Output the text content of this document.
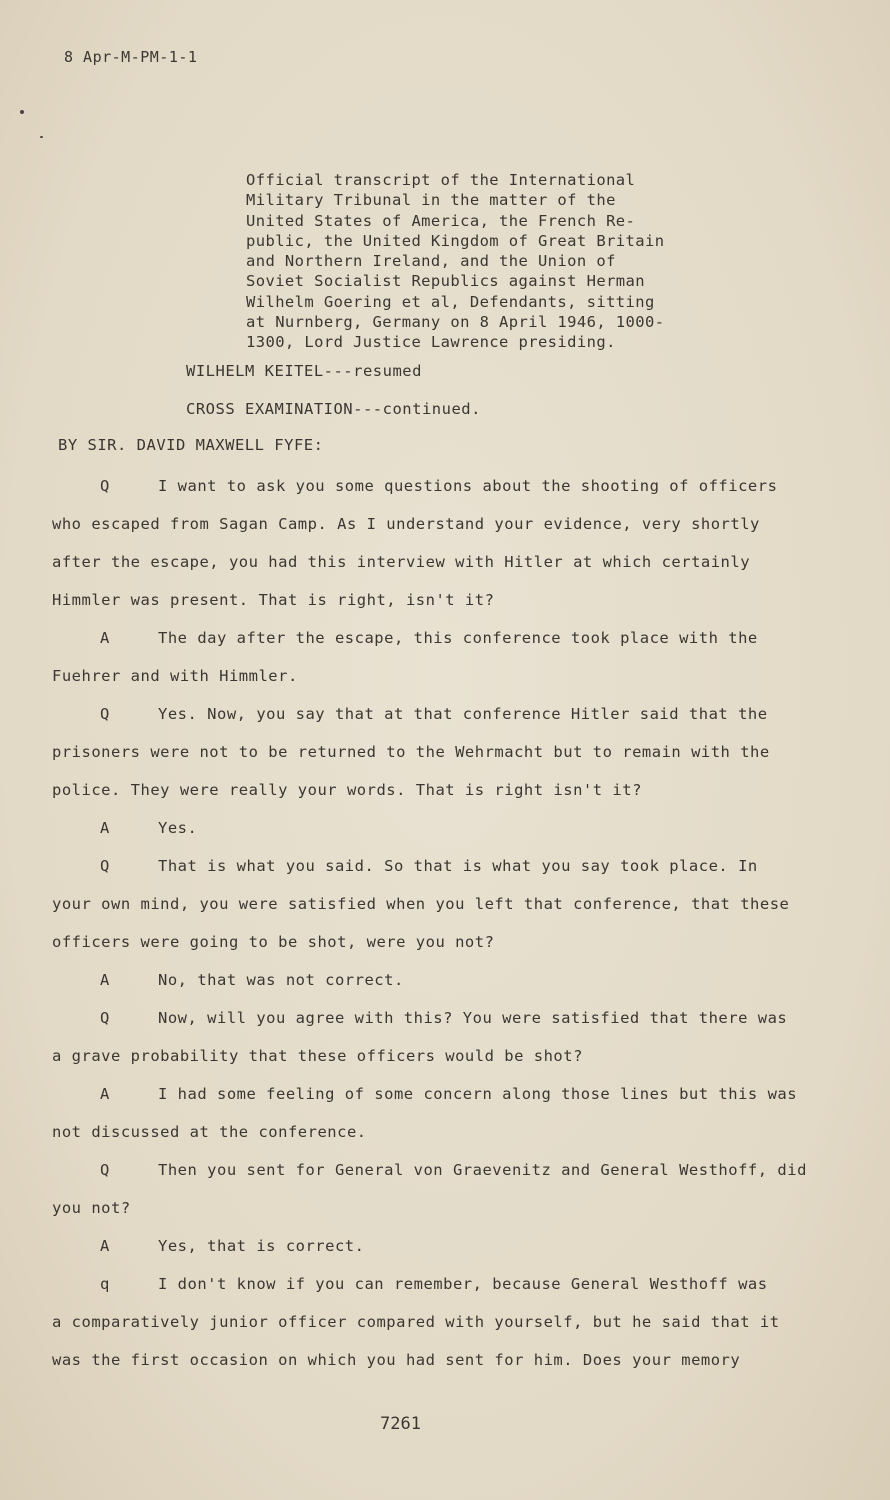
8 Apr-M-PM-1-1
Official transcript of the International
Military Tribunal in the matter of the
United States of America, the French Re-
public, the United Kingdom of Great Britain
and Northern Ireland, and the Union of
Soviet Socialist Republics against Herman
Wilhelm Goering et al, Defendants, sitting
at Nurnberg, Germany on 8 April 1946, 1000-
1300, Lord Justice Lawrence presiding.
WILHELM KEITEL---resumed
CROSS EXAMINATION---continued.
BY SIR. DAVID MAXWELL FYFE:
Q	I want to ask you some questions about the shooting of officers
who escaped from Sagan Camp. As I understand your evidence, very shortly
after the escape, you had this interview with Hitler at which certainly
Himmler was present. That is right, isn't it?
A	The day after the escape, this conference took place with the
Fuehrer and with Himmler.
Q	Yes. Now, you say that at that conference Hitler said that the
prisoners were not to be returned to the Wehrmacht but to remain with the
police. They were really your words. That is right isn't it?
A	Yes.
Q	That is what you said. So that is what you say took place. In
your own mind, you were satisfied when you left that conference, that these
officers were going to be shot, were you not?
A	No, that was not correct.
Q	Now, will you agree with this? You were satisfied that there was
a grave probability that these officers would be shot?
A	I had some feeling of some concern along those lines but this was
not discussed at the conference.
Q	Then you sent for General von Graevenitz and General Westhoff, did
you not?
A	Yes, that is correct.
q	I don't know if you can remember, because General Westhoff was
a comparatively junior officer compared with yourself, but he said that it
was the first occasion on which you had sent for him. Does your memory
7261
